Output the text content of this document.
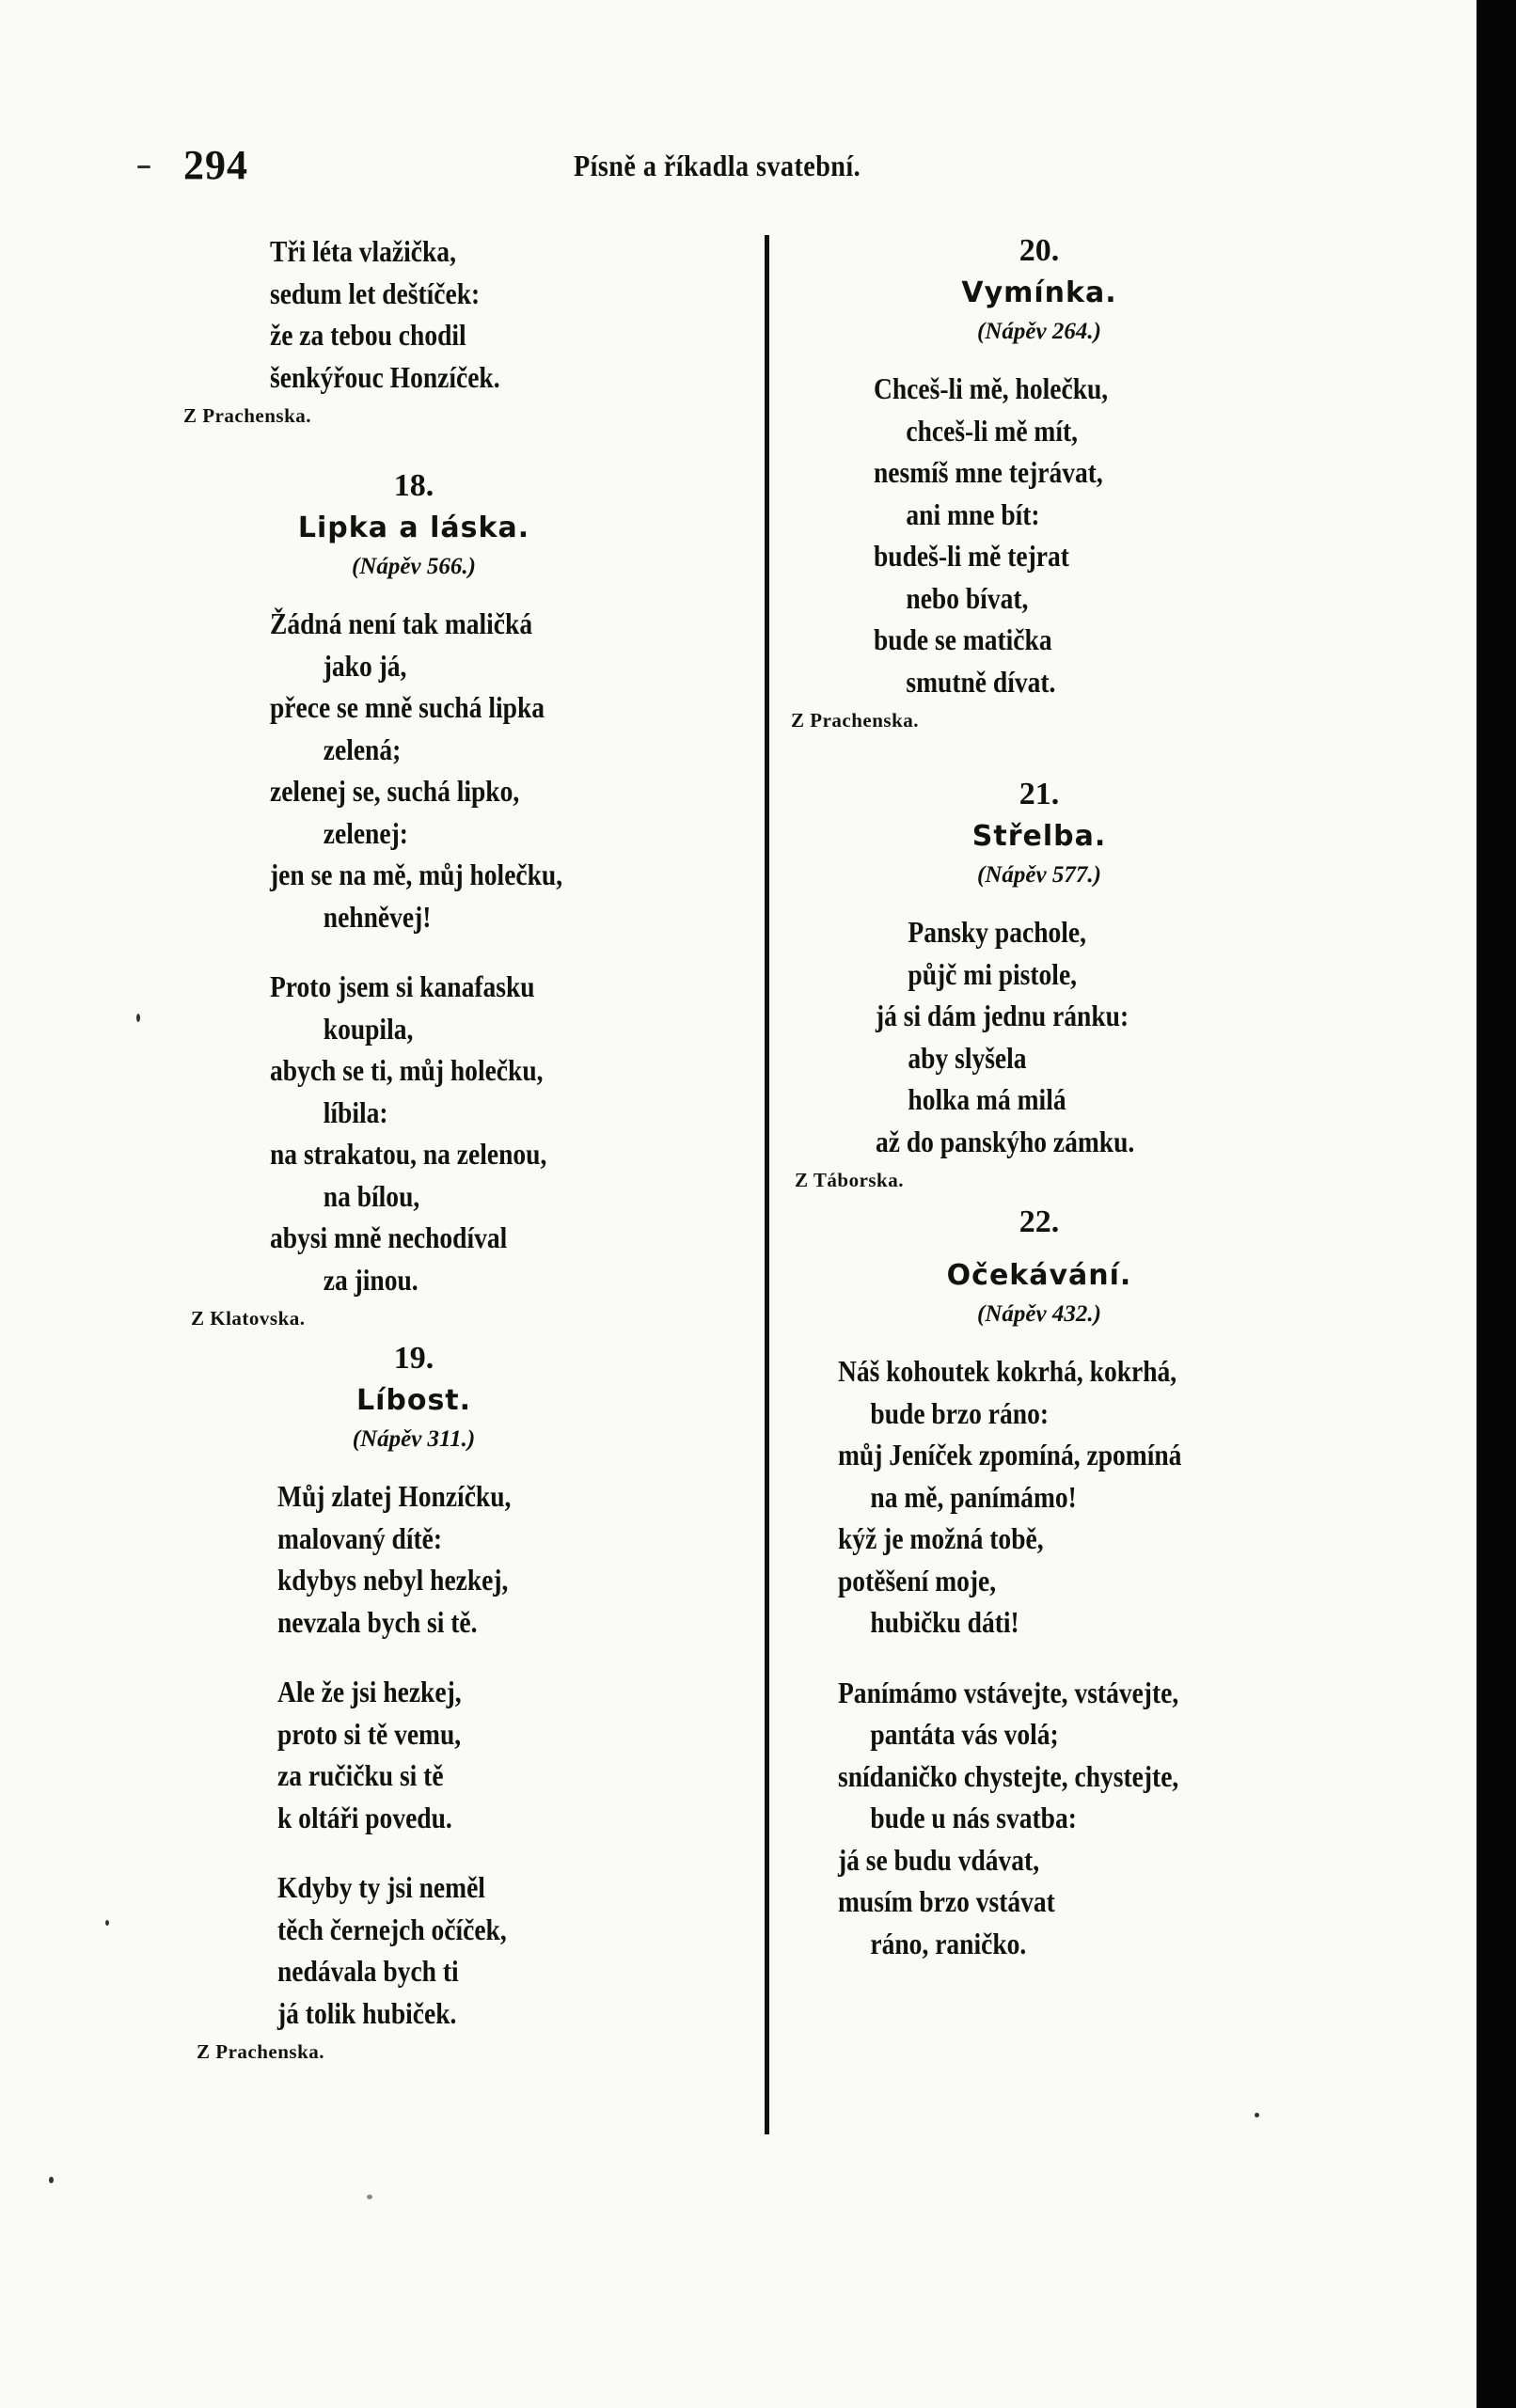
294	Písně a říkadla svatební.
Tři léta vlažička,
sedum let deštíček:
že za tebou chodil
šenkýřouc Honzíček.
Z Prachenska.
18.
Lipka a láska.
(Nápěv 566.)
Žádná není tak maličká
jako já,
přece se mně suchá lipka
zelená;
zelenej se, suchá lipko,
zelenej:
jen se na mě, můj holečku,
nehněvej!
Proto jsem si kanafasku
koupila,
abych se ti, můj holečku,
líbila:
na strakatou, na zelenou,
na bílou,
abysi mně nechodíval
za jinou.
Z Klatovska.
19.
Líbost.
(Nápěv 311.)
Můj zlatej Honzíčku,
malovaný dítě:
kdybys nebyl hezkej,
nevzala bych si tě.
Ale že jsi hezkej,
proto si tě vemu,
za ručičku si tě
k oltáři povedu.
Kdyby ty jsi neměl
těch černejch očíček,
nedávala bych ti
já tolik hubiček.
Z Prachenska.
20.
Vymínka.
(Nápěv 264.)
Chceš-li mě, holečku,
chceš-li mě mít,
nesmíš mne tejrávat,
ani mne bít:
budeš-li mě tejrat
nebo bívat,
bude se matička
smutně dívat.
Z Prachenska.
21.
Střelba.
(Nápěv 577.)
Pansky pachole,
půjč mi pistole,
já si dám jednu ránku:
aby slyšela
holka má milá
až do panskýho zámku.
Z Táborska.
22.
Očekávání.
(Nápěv 432.)
Náš kohoutek kokrhá, kokrhá,
bude brzo ráno:
můj Jeníček zpomíná, zpomíná
na mě, panímámo!
kýž je možná tobě,
potěšení moje,
hubičku dáti!
Panímámo vstávejte, vstávejte,
pantáta vás volá;
snídaničko chystejte, chystejte,
bude u nás svatba:
já se budu vdávat,
musím brzo vstávat
ráno, raničko.
